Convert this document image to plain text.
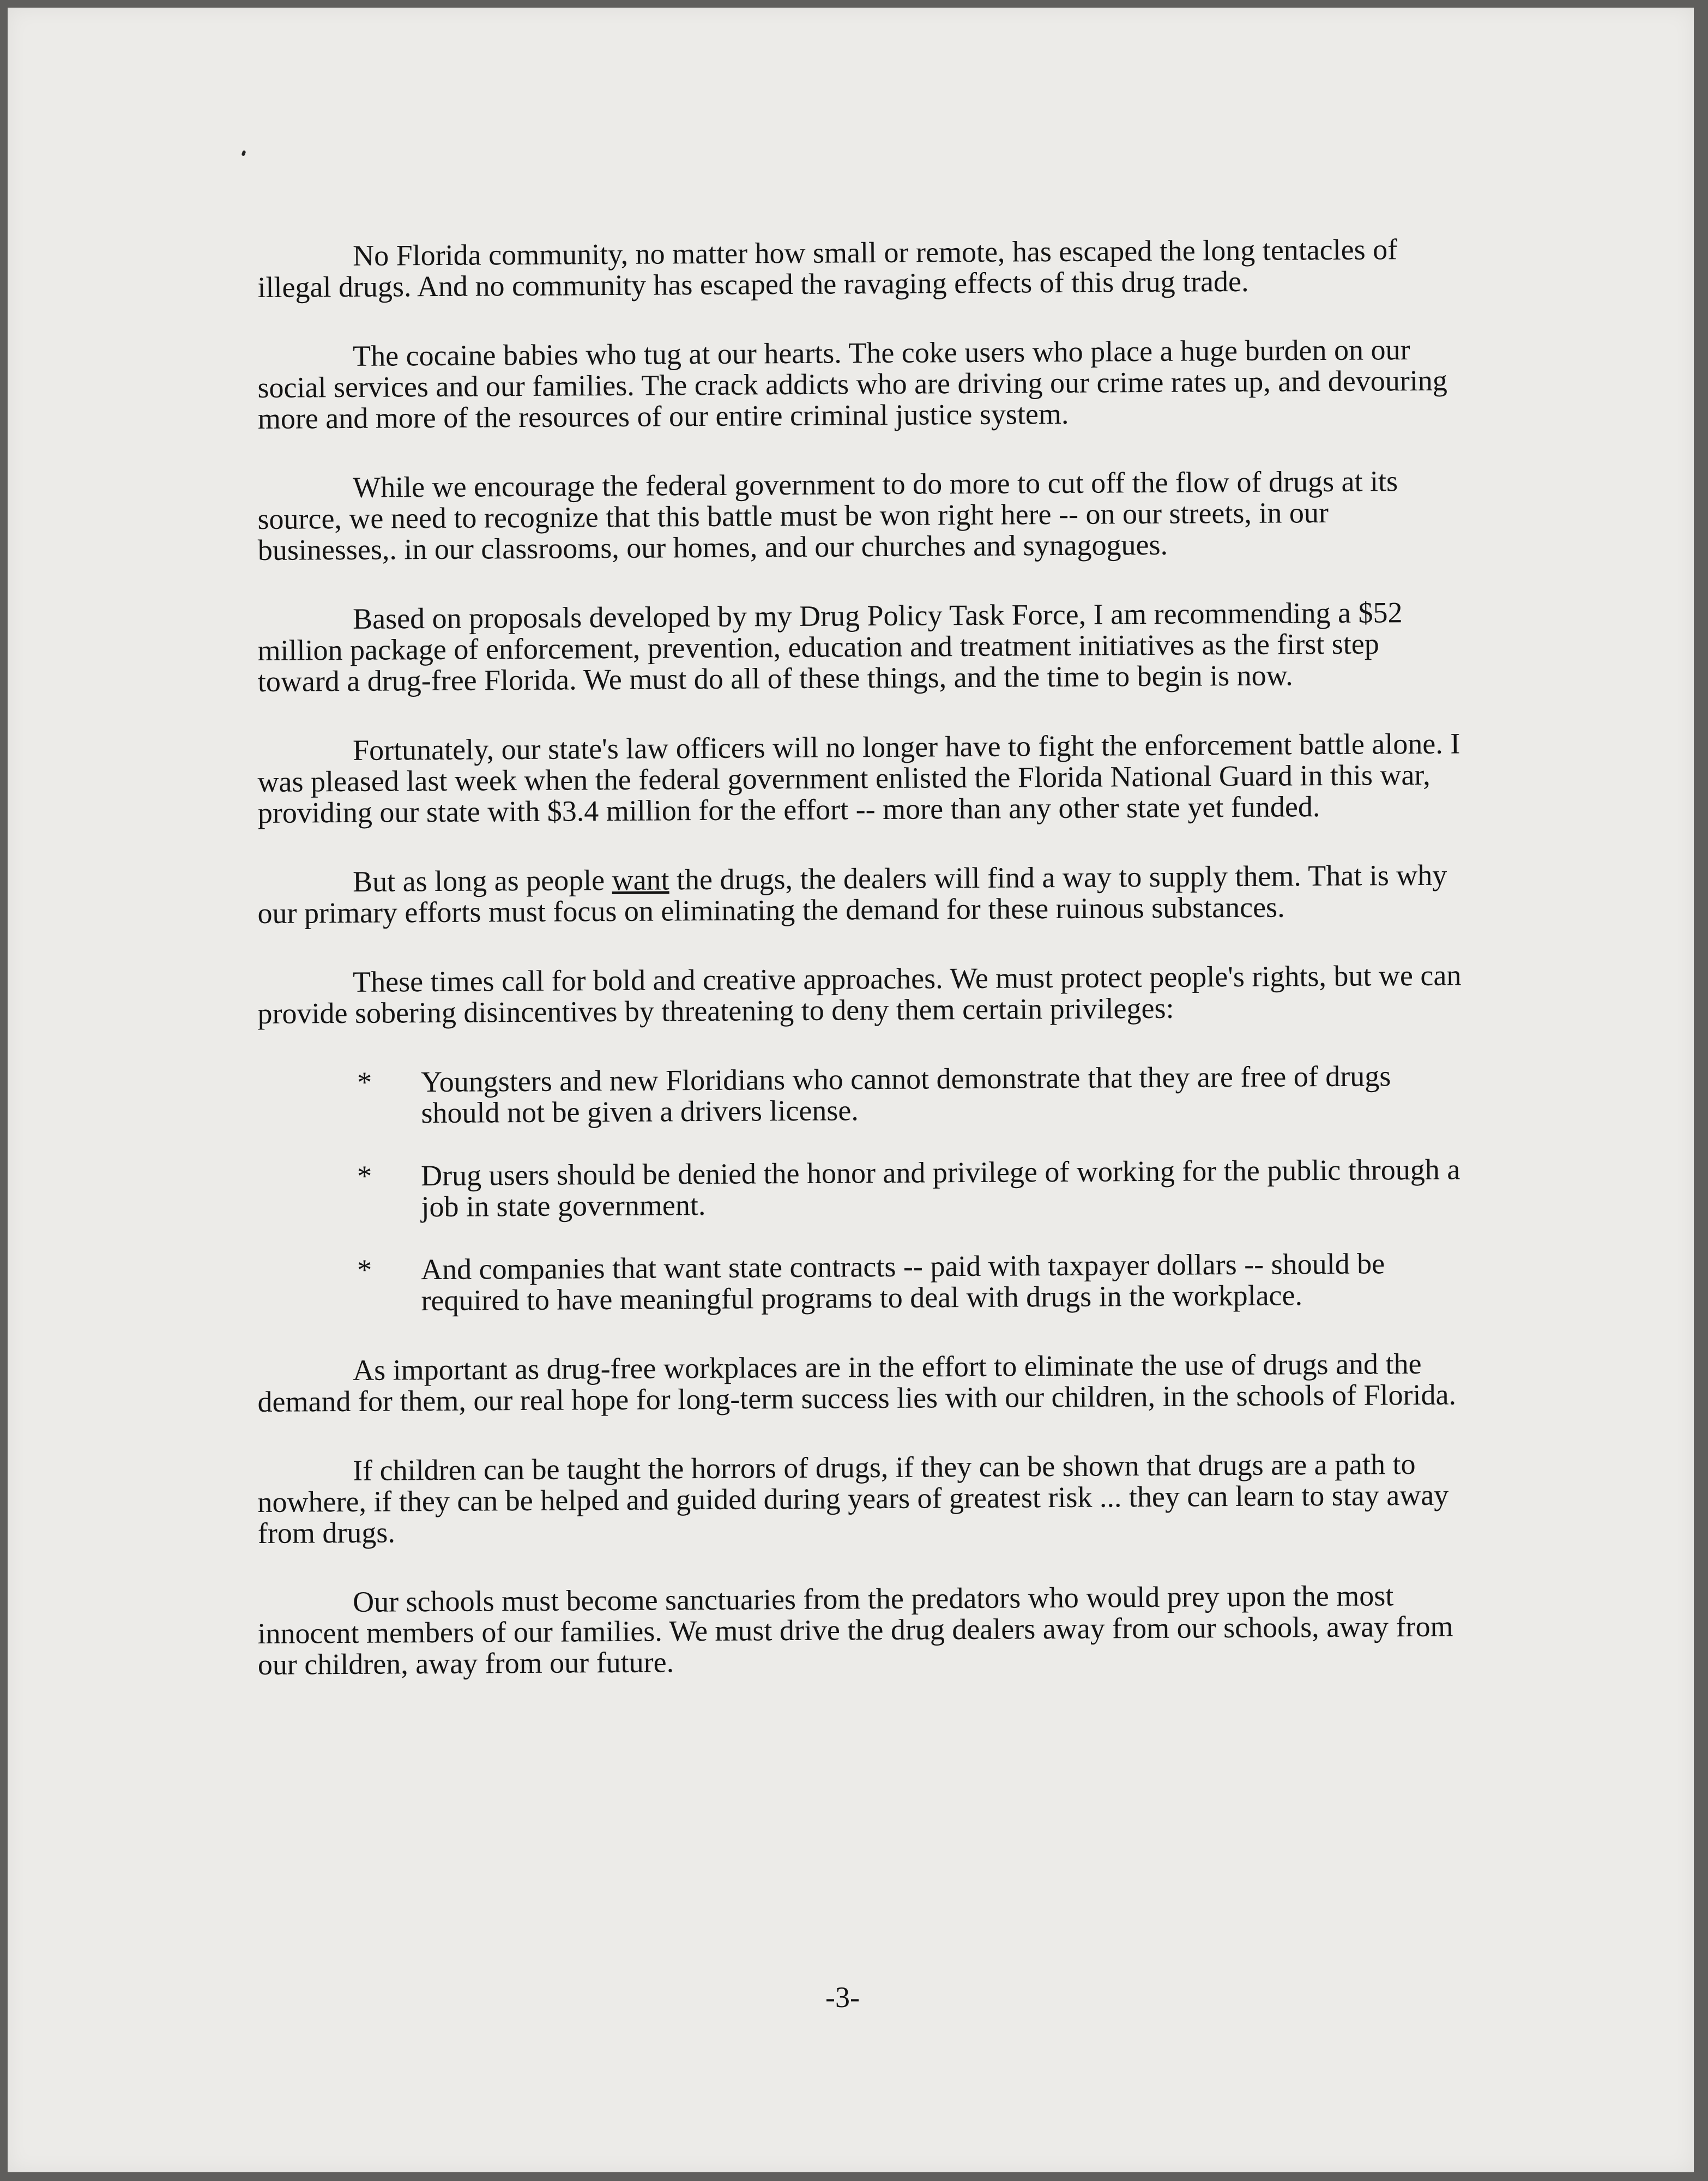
No Florida community, no matter how small or remote, has escaped the long tentacles of illegal drugs. And no community has escaped the ravaging effects of this drug trade.

The cocaine babies who tug at our hearts. The coke users who place a huge burden on our social services and our families. The crack addicts who are driving our crime rates up, and devouring more and more of the resources of our entire criminal justice system.

While we encourage the federal government to do more to cut off the flow of drugs at its source, we need to recognize that this battle must be won right here -- on our streets, in our businesses,. in our classrooms, our homes, and our churches and synagogues.

Based on proposals developed by my Drug Policy Task Force, I am recommending a $52 million package of enforcement, prevention, education and treatment initiatives as the first step toward a drug-free Florida. We must do all of these things, and the time to begin is now.

Fortunately, our state's law officers will no longer have to fight the enforcement battle alone. I was pleased last week when the federal government enlisted the Florida National Guard in this war, providing our state with $3.4 million for the effort -- more than any other state yet funded.

But as long as people want the drugs, the dealers will find a way to supply them. That is why our primary efforts must focus on eliminating the demand for these ruinous substances.

These times call for bold and creative approaches. We must protect people's rights, but we can provide sobering disincentives by threatening to deny them certain privileges:

* Youngsters and new Floridians who cannot demonstrate that they are free of drugs should not be given a drivers license.
* Drug users should be denied the honor and privilege of working for the public through a job in state government.
* And companies that want state contracts -- paid with taxpayer dollars -- should be required to have meaningful programs to deal with drugs in the workplace.

As important as drug-free workplaces are in the effort to eliminate the use of drugs and the demand for them, our real hope for long-term success lies with our children, in the schools of Florida.

If children can be taught the horrors of drugs, if they can be shown that drugs are a path to nowhere, if they can be helped and guided during years of greatest risk ... they can learn to stay away from drugs.

Our schools must become sanctuaries from the predators who would prey upon the most innocent members of our families. We must drive the drug dealers away from our schools, away from our children, away from our future.

-3-
